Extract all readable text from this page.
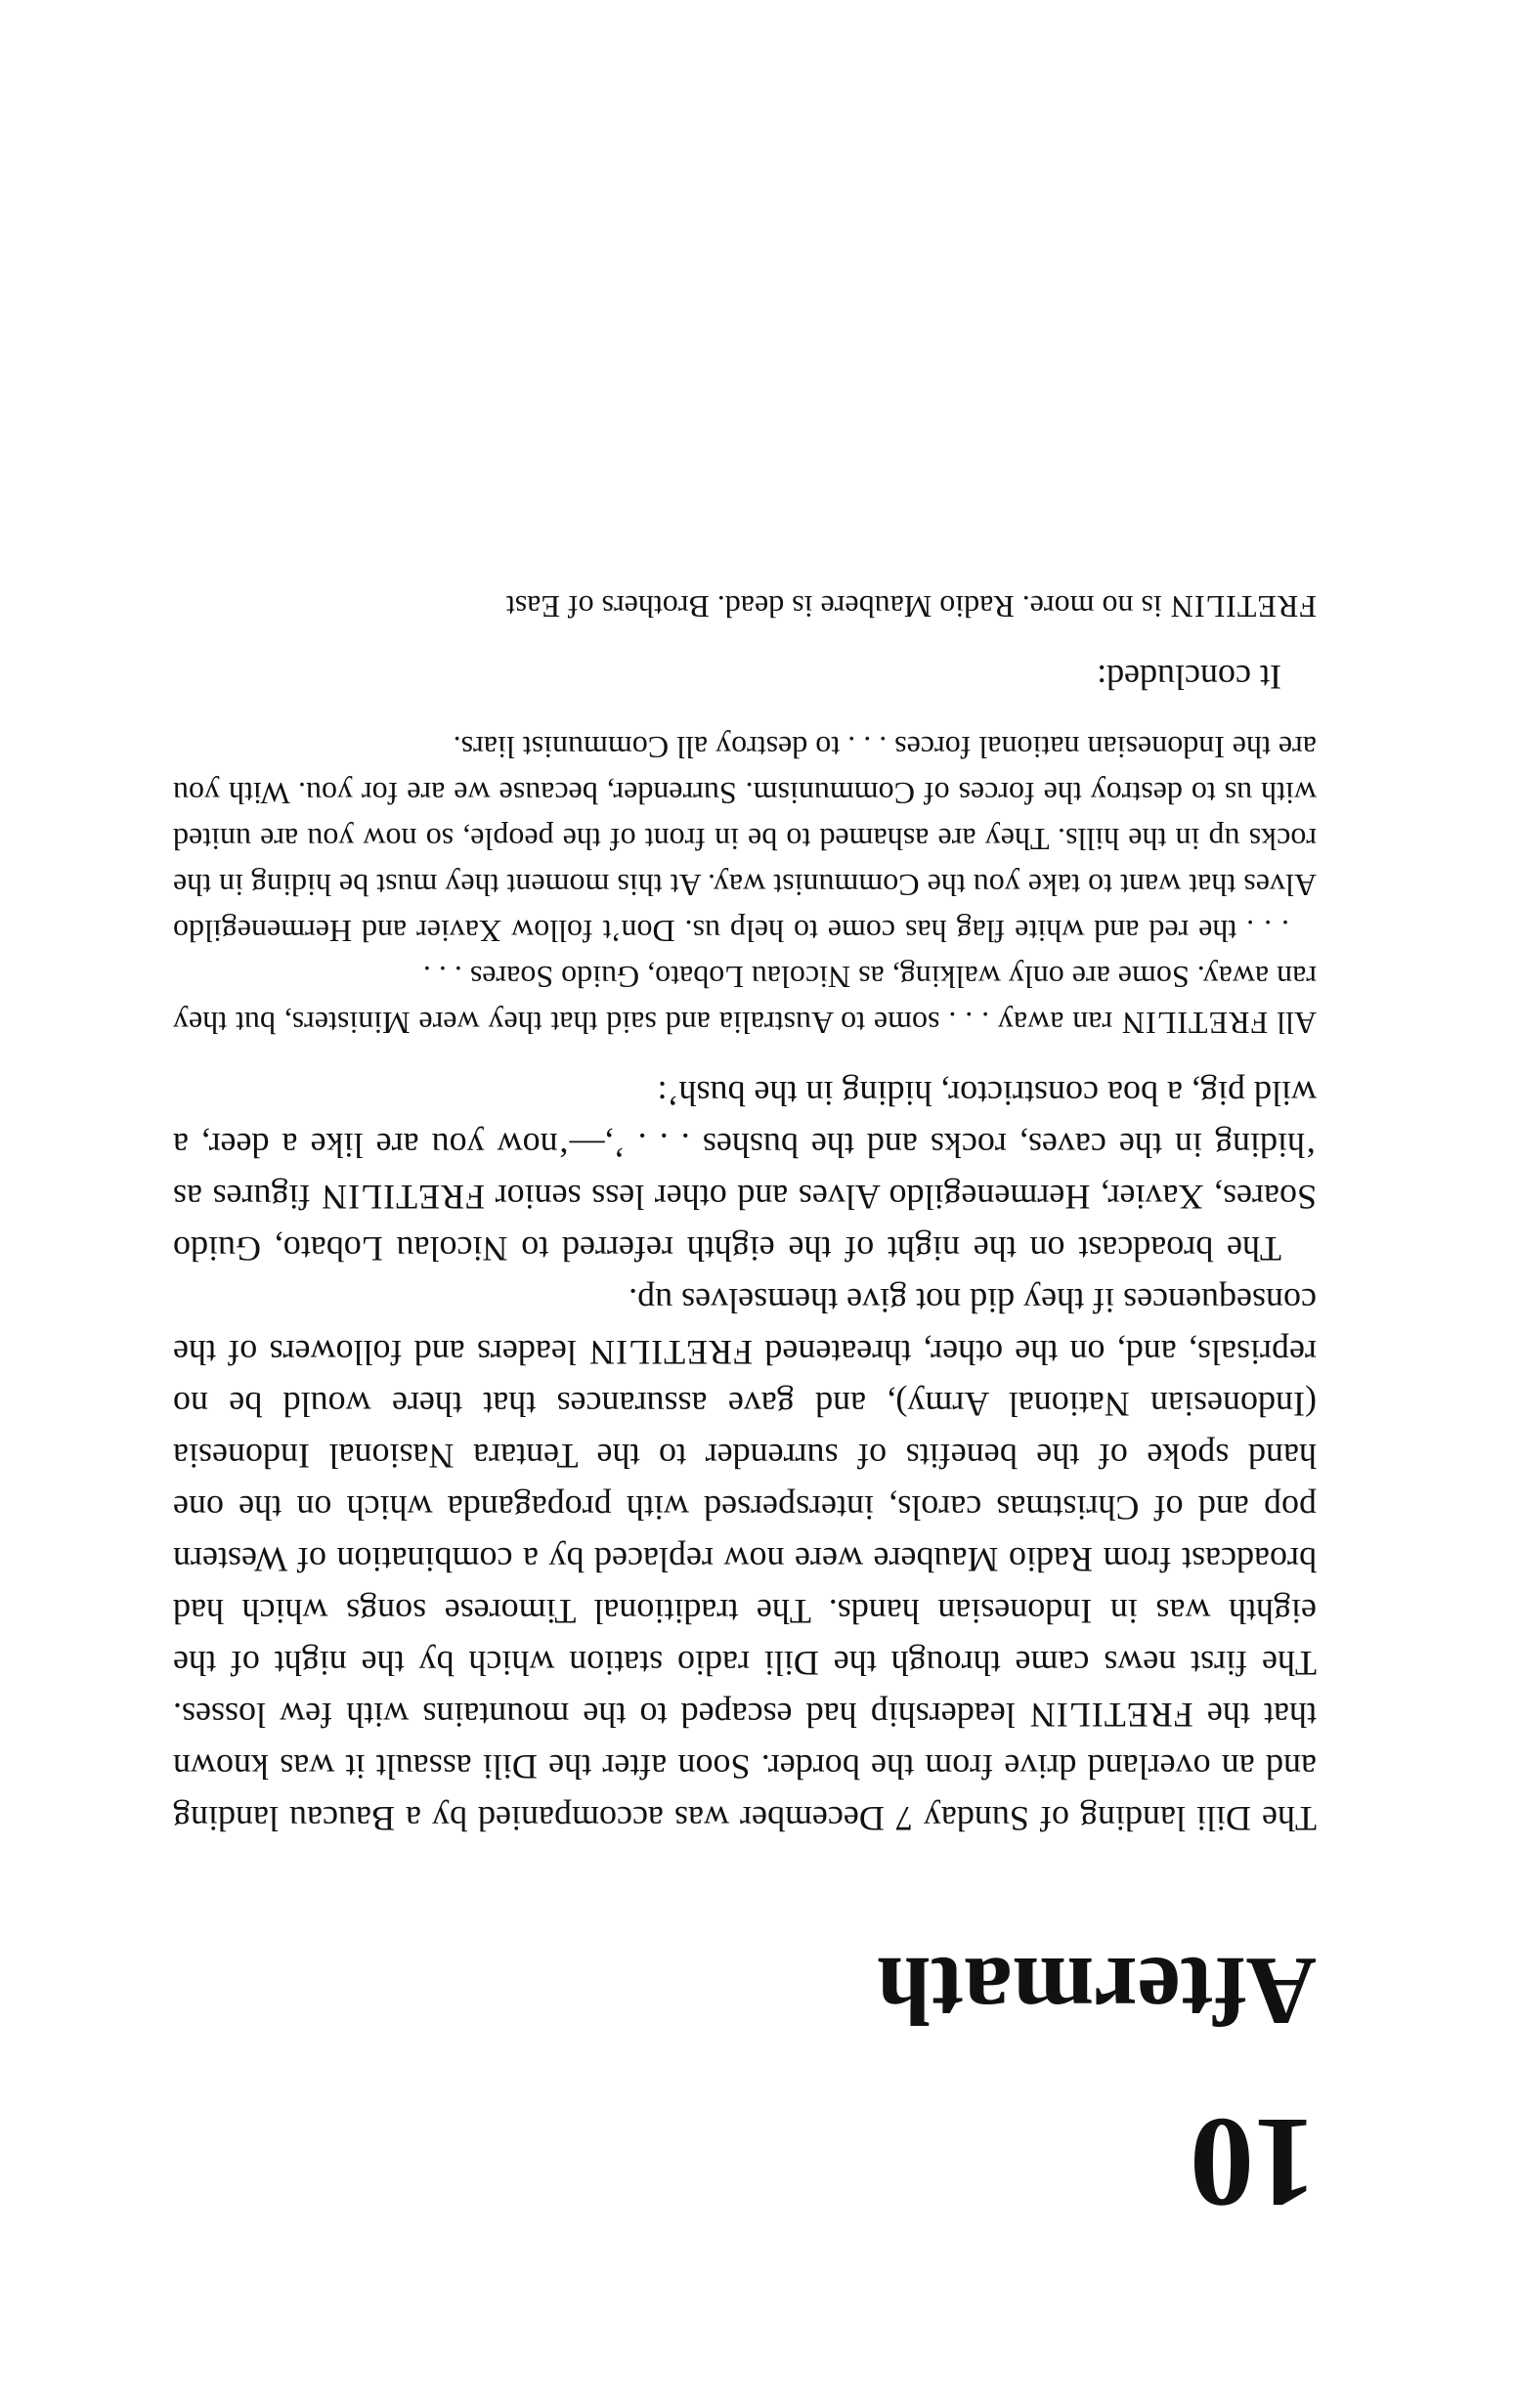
10
Aftermath

The Dili landing of Sunday 7 December was accompanied by a Baucau landing and an overland drive from the border. Soon after the Dili assault it was known that the FRETILIN leadership had escaped to the mountains with few losses. The first news came through the Dili radio station which by the night of the eighth was in Indonesian hands. The traditional Timorese songs which had broadcast from Radio Maubere were now replaced by a combination of Western pop and of Christmas carols, interspersed with propaganda which on the one hand spoke of the benefits of surrender to the Tentara Nasional Indonesia (Indonesian National Army), and gave assurances that there would be no reprisals, and, on the other, threatened FRETILIN leaders and followers of the consequences if they did not give themselves up.

The broadcast on the night of the eighth referred to Nicolau Lobato, Guido Soares, Xavier, Hermenegildo Alves and other less senior FRETILIN figures as ‘hiding in the caves, rocks and the bushes . . . ’,—‘now you are like a deer, a wild pig, a boa constrictor, hiding in the bush’:

All FRETILIN ran away . . . some to Australia and said that they were Ministers, but they ran away. Some are only walking, as Nicolau Lobato, Guido Soares . . .

. . . the red and white flag has come to help us. Don’t follow Xavier and Hermenegildo Alves that want to take you the Communist way. At this moment they must be hiding in the rocks up in the hills. They are ashamed to be in front of the people, so now you are united with us to destroy the forces of Communism. Surrender, because we are for you. With you are the Indonesian national forces . . . to destroy all Communist liars.

It concluded:

FRETILIN is no more. Radio Maubere is dead. Brothers of East
